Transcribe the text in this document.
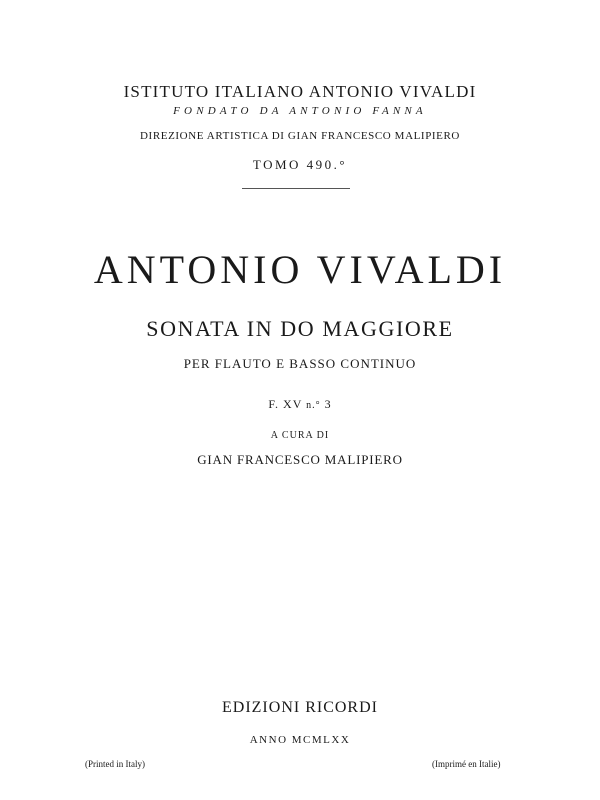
ISTITUTO ITALIANO ANTONIO VIVALDI
FONDATO DA ANTONIO FANNA
DIREZIONE ARTISTICA DI GIAN FRANCESCO MALIPIERO
TOMO 490.°
ANTONIO VIVALDI
SONATA IN DO MAGGIORE
PER FLAUTO E BASSO CONTINUO
F. XV n.° 3
A CURA DI
GIAN FRANCESCO MALIPIERO
EDIZIONI RICORDI
ANNO MCMLXX
(Printed in Italy)	(Imprimé en Italie)
